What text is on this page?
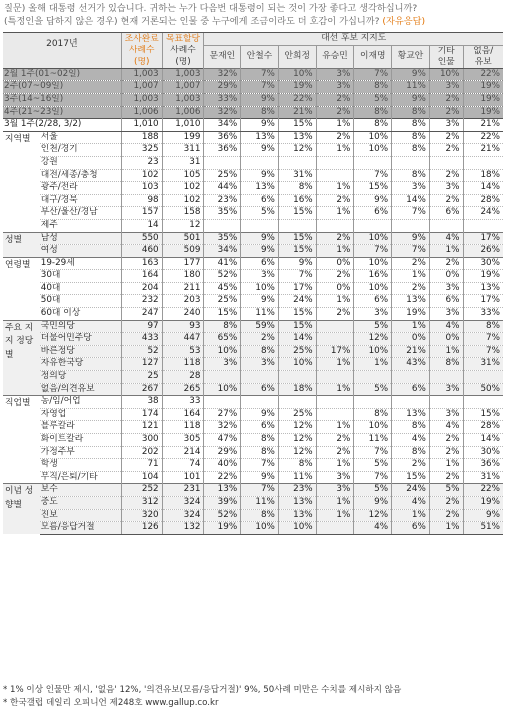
질문) 올해 대통령 선거가 있습니다. 귀하는 누가 다음번 대통령이 되는 것이 가장 좋다고 생각하십니까?
(특정인을 답하지 않은 경우) 현재 거론되는 인물 중 누구에게 조금이라도 더 호감이 가십니까? (자유응답)
2017년		조사완료	목표할당	대선 후보 지지도							
		사례수	사례수	문재인	안철수	안희정	유승민	이재명	황교안	기타	없음/
		(명)	(명)							인물	유보
2월 1주(01~02일)		1,003	1,003	32%	7%	10%	3%	7%	9%	10%	22%
2주(07~09일)		1,007	1,007	29%	7%	19%	3%	8%	11%	3%	19%
3주(14~16일)		1,003	1,003	33%	9%	22%	2%	5%	9%	2%	19%
4주(21~23일)		1,006	1,006	32%	8%	21%	2%	8%	8%	2%	19%
3월 1주(2/28, 3/2)		1,010	1,010	34%	9%	15%	1%	8%	8%	3%	21%
지역별	서울	188	199	36%	13%	13%	2%	10%	8%	2%	22%
	인천/경기	325	311	36%	9%	12%	1%	10%	8%	2%	21%
	강원	23	31								
	대전/세종/충청	102	105	25%	9%	31%		7%	8%	2%	18%
	광주/전라	103	102	44%	13%	8%	1%	15%	3%	3%	14%
	대구/경북	98	102	23%	6%	16%	2%	9%	14%	2%	28%
	부산/울산/경남	157	158	35%	5%	15%	1%	6%	7%	6%	24%
	제주	14	12								
성별	남성	550	501	35%	9%	15%	2%	10%	9%	4%	17%
	여성	460	509	34%	9%	15%	1%	7%	7%	1%	26%
연령별	19-29세	163	177	41%	6%	9%	0%	10%	2%	2%	30%
	30대	164	180	52%	3%	7%	2%	16%	1%	0%	19%
	40대	204	211	45%	10%	17%	0%	10%	2%	3%	13%
	50대	232	203	25%	9%	24%	1%	6%	13%	6%	17%
	60대 이상	247	240	15%	11%	15%	2%	3%	19%	3%	33%
주요 지지 정당별	국민의당	97	93	8%	59%	15%		5%	1%	4%	8%
	더불어민주당	433	447	65%	2%	14%		12%	0%	0%	7%
	바른정당	52	53	10%	8%	25%	17%	10%	21%	1%	7%
	자유한국당	127	118	3%	3%	10%	1%	1%	43%	8%	31%
	정의당	25	28								
	없음/의견유보	267	265	10%	6%	18%	1%	5%	6%	3%	50%
직업별	농/임/어업	38	33								
	자영업	174	164	27%	9%	25%		8%	13%	3%	15%
	블루칼라	121	118	32%	6%	12%	1%	10%	8%	4%	28%
	화이트칼라	300	305	47%	8%	12%	2%	11%	4%	2%	14%
	가정주부	202	214	29%	8%	12%	2%	7%	8%	2%	30%
	학생	71	74	40%	7%	8%	1%	5%	2%	1%	36%
	무직/은퇴/기타	104	101	22%	9%	11%	3%	7%	15%	2%	31%
이념 성향별	보수	252	231	13%	7%	23%	3%	5%	24%	5%	22%
	중도	312	324	39%	11%	13%	1%	9%	4%	2%	19%
	진보	320	324	52%	8%	13%	1%	12%	1%	2%	9%
	모름/응답거절	126	132	19%	10%	10%		4%	6%	1%	51%
* 1% 이상 인물만 제시, '없음' 12%, '의견유보(모름/응답거절)' 9%, 50사례 미만은 수치를 제시하지 않음
* 한국갤럽 데일리 오피니언 제248호 www.gallup.co.kr
